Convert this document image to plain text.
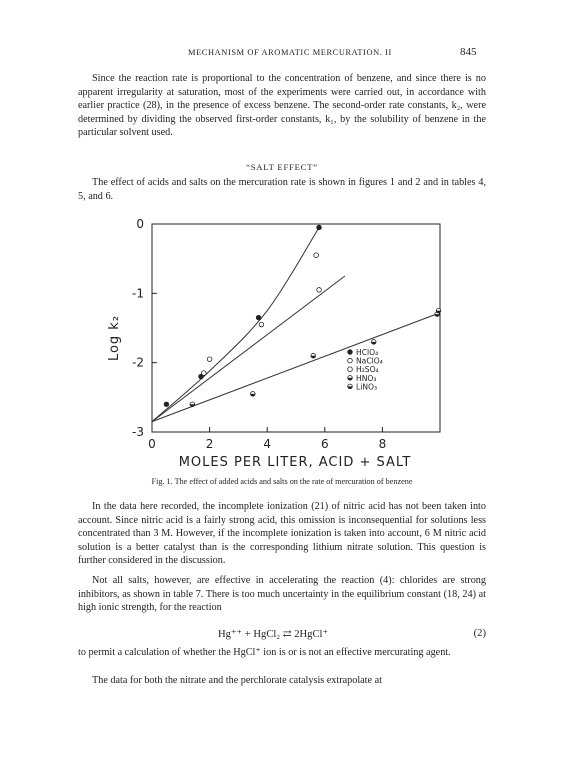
MECHANISM OF AROMATIC MERCURATION. II	845

Since the reaction rate is proportional to the concentration of benzene, and since there is no apparent irregularity at saturation, most of the experiments were carried out, in accordance with earlier practice (28), in the presence of excess benzene. The second-order rate constants, k₂, were determined by dividing the observed first-order constants, k₁, by the solubility of benzene in the particular solvent used.

“SALT EFFECT”

The effect of acids and salts on the mercuration rate is shown in figures 1 and 2 and in tables 4, 5, and 6.

0	2	4	6	8
0
-1
-2
-3
HClO₄
NaClO₄
H₂SO₄
HNO₃
LiNO₃
MOLES PER LITER, ACID + SALT
Log k₂
Fig. 1. The effect of added acids and salts on the rate of mercuration of benzene

In the data here recorded, the incomplete ionization (21) of nitric acid has not been taken into account. Since nitric acid is a fairly strong acid, this omission is inconsequential for solutions less concentrated than 3 M. However, if the incomplete ionization is taken into account, 6 M nitric acid solution is a better catalyst than is the corresponding lithium nitrate solution. This question is further considered in the discussion.

Not all salts, however, are effective in accelerating the reaction (4): chlorides are strong inhibitors, as shown in table 7. There is too much uncertainty in the equilibrium constant (18, 24) at high ionic strength, for the reaction

Hg⁺⁺ + HgCl₂ ⇄ 2HgCl⁺	(2)

to permit a calculation of whether the HgCl⁺ ion is or is not an effective mercurating agent.

The data for both the nitrate and the perchlorate catalysis extrapolate at
